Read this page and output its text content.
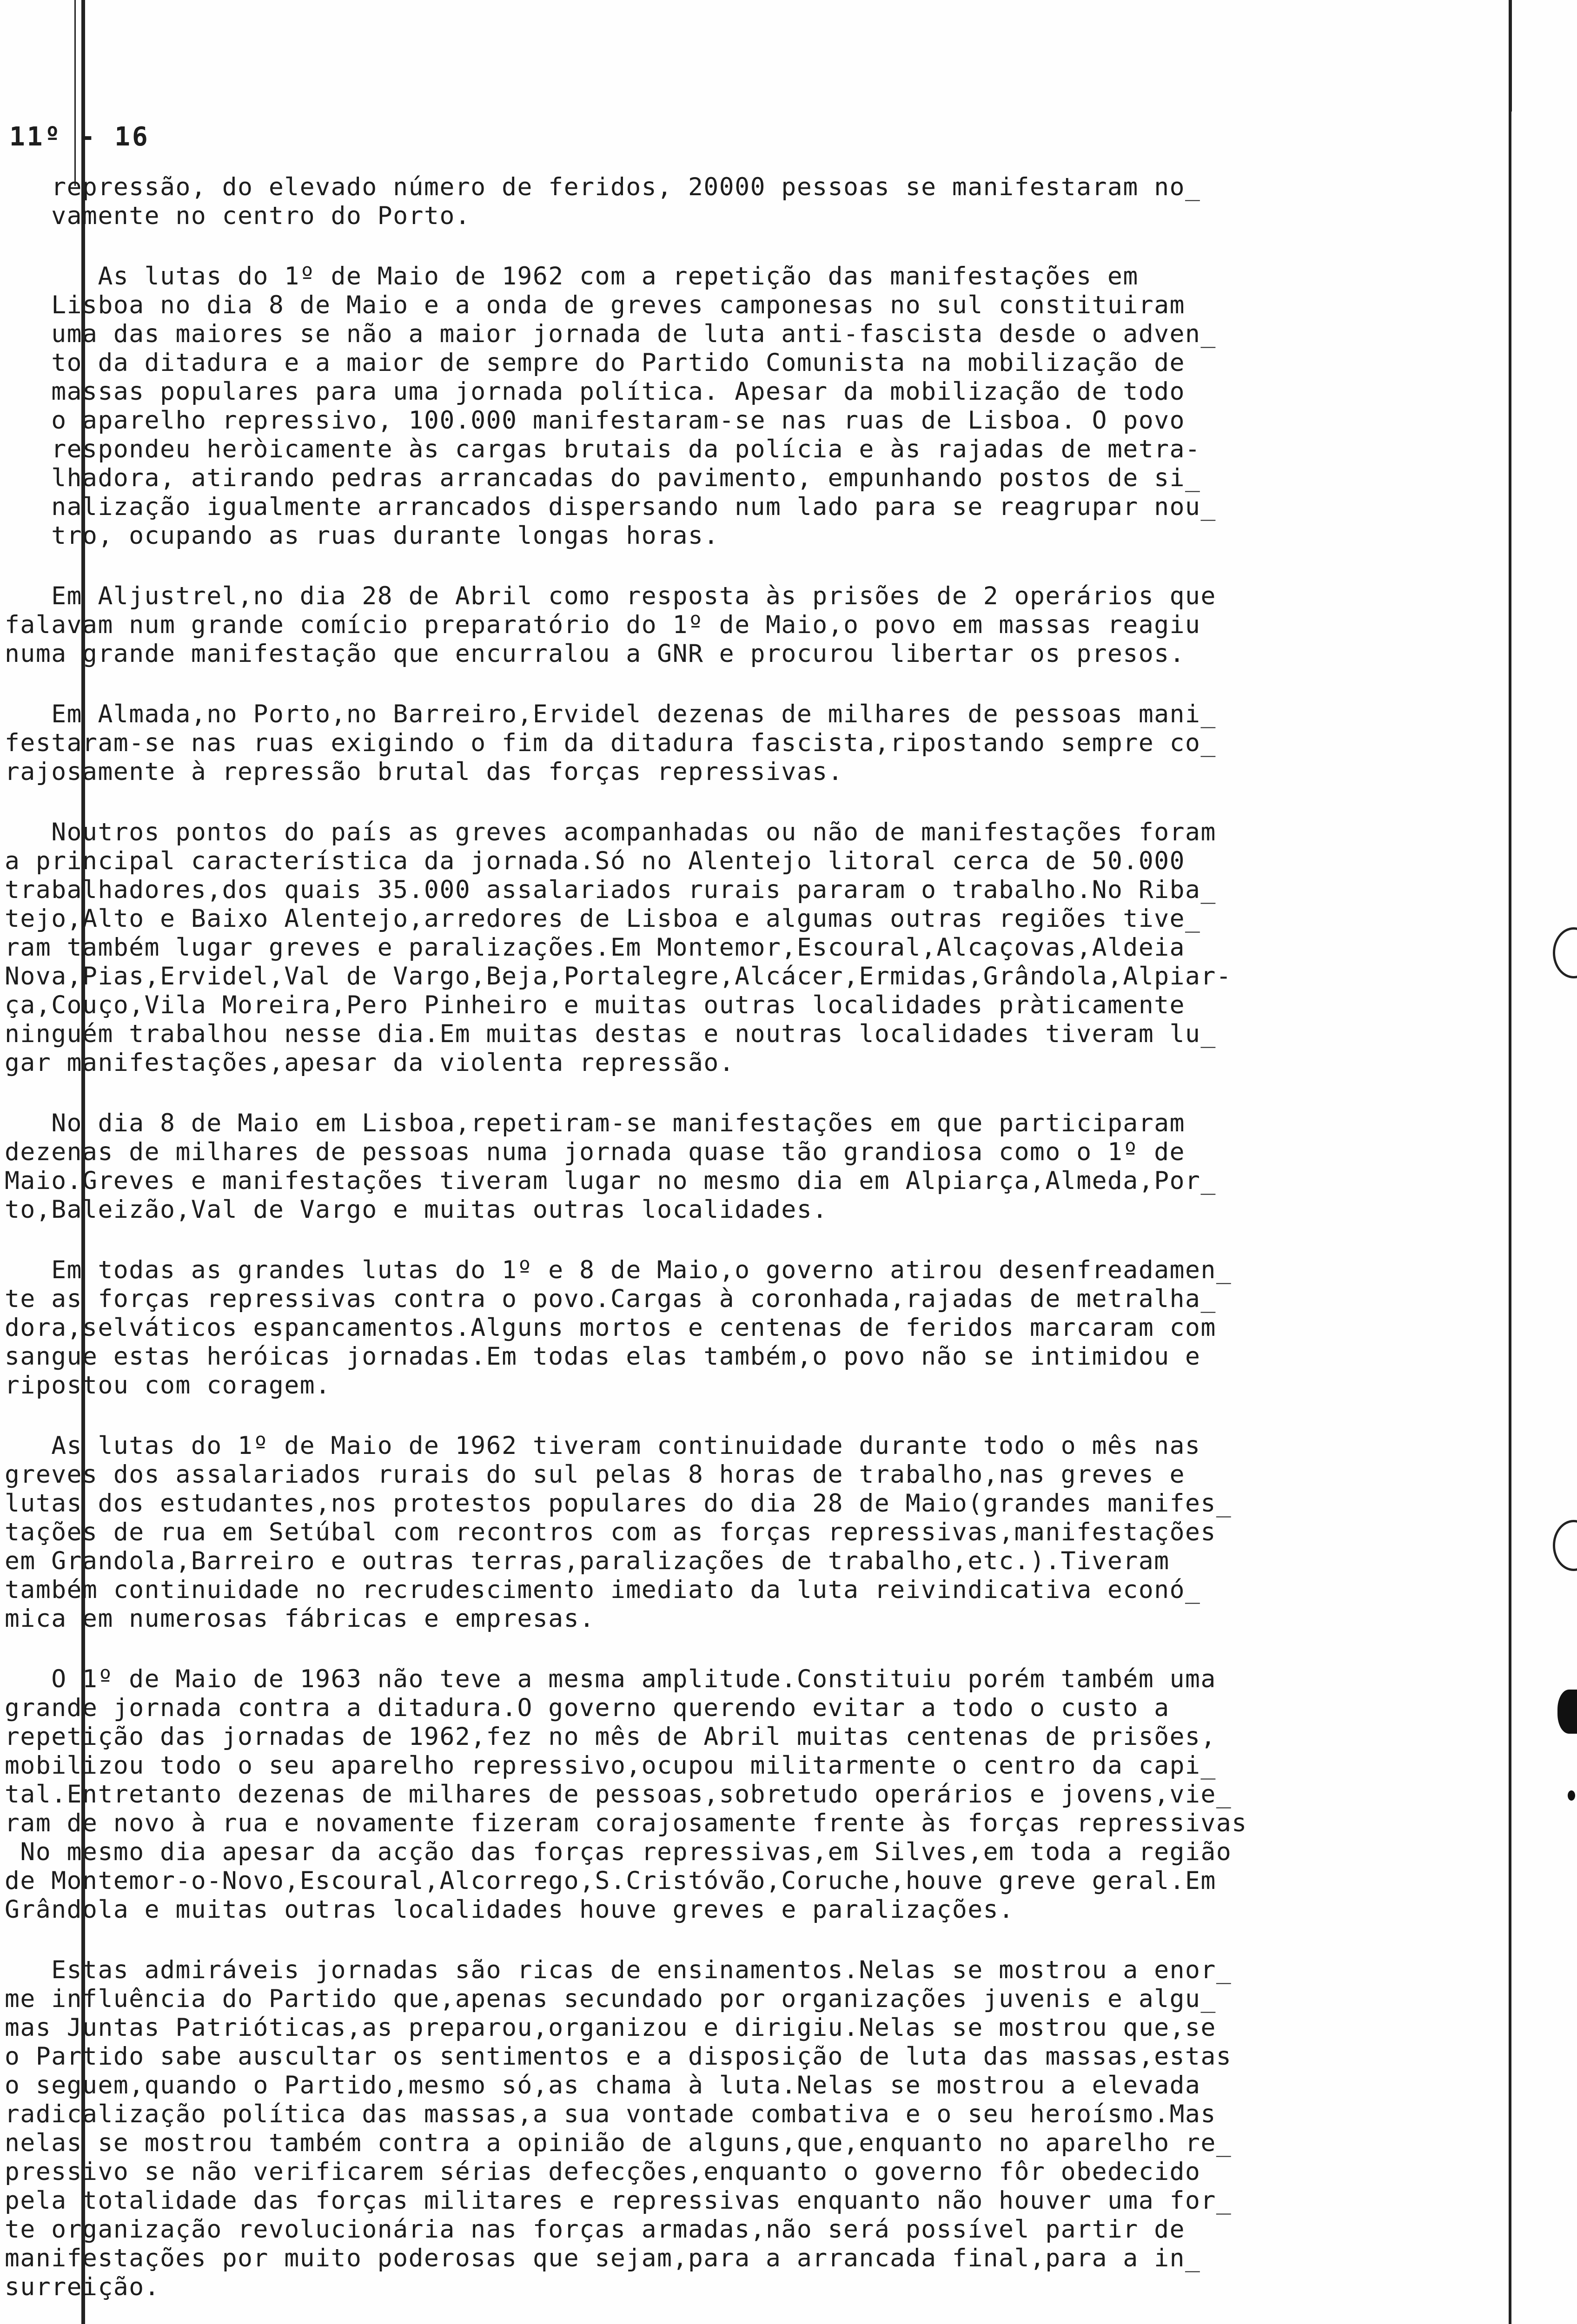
11º - 16
repressão, do elevado número de feridos, 20000 pessoas se manifestaram no_
vamente no centro do Porto.
As lutas do 1º de Maio de 1962 com a repetição das manifestações em
Lisboa no dia 8 de Maio e a onda de greves camponesas no sul constituiram
uma das maiores se não a maior jornada de luta anti-fascista desde o adven_
to da ditadura e a maior de sempre do Partido Comunista na mobilização de
massas populares para uma jornada política. Apesar da mobilização de todo
o aparelho repressivo, 100.000 manifestaram-se nas ruas de Lisboa. O povo
respondeu heròicamente às cargas brutais da polícia e às rajadas de metra-
lhadora, atirando pedras arrancadas do pavimento, empunhando postos de si_
nalização igualmente arrancados dispersando num lado para se reagrupar nou_
tro, ocupando as ruas durante longas horas.
Em Aljustrel,no dia 28 de Abril como resposta às prisões de 2 operários que
falavam num grande comício preparatório do 1º de Maio,o povo em massas reagiu
numa grande manifestação que encurralou a GNR e procurou libertar os presos.
Em Almada,no Porto,no Barreiro,Ervidel dezenas de milhares de pessoas mani_
festaram-se nas ruas exigindo o fim da ditadura fascista,ripostando sempre co_
rajosamente à repressão brutal das forças repressivas.
Noutros pontos do país as greves acompanhadas ou não de manifestações foram
a principal característica da jornada.Só no Alentejo litoral cerca de 50.000
trabalhadores,dos quais 35.000 assalariados rurais pararam o trabalho.No Riba_
tejo,Alto e Baixo Alentejo,arredores de Lisboa e algumas outras regiões tive_
ram também lugar greves e paralizações.Em Montemor,Escoural,Alcaçovas,Aldeia
Nova,Pias,Ervidel,Val de Vargo,Beja,Portalegre,Alcácer,Ermidas,Grândola,Alpiar-
ça,Couço,Vila Moreira,Pero Pinheiro e muitas outras localidades pràticamente
ninguém trabalhou nesse dia.Em muitas destas e noutras localidades tiveram lu_
gar manifestações,apesar da violenta repressão.
No dia 8 de Maio em Lisboa,repetiram-se manifestações em que participaram
dezenas de milhares de pessoas numa jornada quase tão grandiosa como o 1º de
Maio.Greves e manifestações tiveram lugar no mesmo dia em Alpiarça,Almeda,Por_
to,Baleizão,Val de Vargo e muitas outras localidades.
Em todas as grandes lutas do 1º e 8 de Maio,o governo atirou desenfreadamen_
te as forças repressivas contra o povo.Cargas à coronhada,rajadas de metralha_
dora,selváticos espancamentos.Alguns mortos e centenas de feridos marcaram com
sangue estas heróicas jornadas.Em todas elas também,o povo não se intimidou e
ripostou com coragem.
As lutas do 1º de Maio de 1962 tiveram continuidade durante todo o mês nas
greves dos assalariados rurais do sul pelas 8 horas de trabalho,nas greves e
lutas dos estudantes,nos protestos populares do dia 28 de Maio(grandes manifes_
tações de rua em Setúbal com recontros com as forças repressivas,manifestações
em Grandola,Barreiro e outras terras,paralizações de trabalho,etc.).Tiveram
também continuidade no recrudescimento imediato da luta reivindicativa econó_
mica em numerosas fábricas e empresas.
O 1º de Maio de 1963 não teve a mesma amplitude.Constituiu porém também uma
grande jornada contra a ditadura.O governo querendo evitar a todo o custo a
repetição das jornadas de 1962,fez no mês de Abril muitas centenas de prisões,
mobilizou todo o seu aparelho repressivo,ocupou militarmente o centro da capi_
tal.Entretanto dezenas de milhares de pessoas,sobretudo operários e jovens,vie_
ram de novo à rua e novamente fizeram corajosamente frente às forças repressivas
No mesmo dia apesar da acção das forças repressivas,em Silves,em toda a região
de Montemor-o-Novo,Escoural,Alcorrego,S.Cristóvão,Coruche,houve greve geral.Em
Grândola e muitas outras localidades houve greves e paralizações.
Estas admiráveis jornadas são ricas de ensinamentos.Nelas se mostrou a enor_
me influência do Partido que,apenas secundado por organizações juvenis e algu_
mas Juntas Patrióticas,as preparou,organizou e dirigiu.Nelas se mostrou que,se
o Partido sabe auscultar os sentimentos e a disposição de luta das massas,estas
o seguem,quando o Partido,mesmo só,as chama à luta.Nelas se mostrou a elevada
radicalização política das massas,a sua vontade combativa e o seu heroísmo.Mas
nelas se mostrou também contra a opinião de alguns,que,enquanto no aparelho re_
pressivo se não verificarem sérias defecções,enquanto o governo fôr obedecido
pela totalidade das forças militares e repressivas enquanto não houver uma for_
te organização revolucionária nas forças armadas,não será possível partir de
manifestações por muito poderosas que sejam,para a arrancada final,para a in_
surreição.
